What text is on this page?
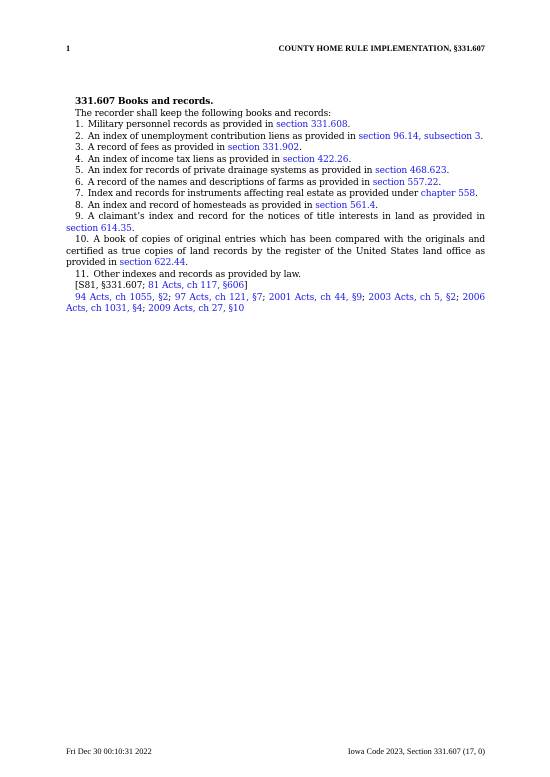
1	COUNTY HOME RULE IMPLEMENTATION, §331.607

331.607 Books and records.

The recorder shall keep the following books and records:

1.  Military personnel records as provided in section 331.608.

2.  An index of unemployment contribution liens as provided in section 96.14, subsection 3.

3.  A record of fees as provided in section 331.902.

4.  An index of income tax liens as provided in section 422.26.

5.  An index for records of private drainage systems as provided in section 468.623.

6.  A record of the names and descriptions of farms as provided in section 557.22.

7.  Index and records for instruments affecting real estate as provided under chapter 558.

8.  An index and record of homesteads as provided in section 561.4.

9.  A claimant’s index and record for the notices of title interests in land as provided in section 614.35.

10.  A book of copies of original entries which has been compared with the originals and certified as true copies of land records by the register of the United States land office as provided in section 622.44.

11.  Other indexes and records as provided by law.

[S81, §331.607; 81 Acts, ch 117, §606]

94 Acts, ch 1055, §2; 97 Acts, ch 121, §7; 2001 Acts, ch 44, §9; 2003 Acts, ch 5, §2; 2006 Acts, ch 1031, §4; 2009 Acts, ch 27, §10

Fri Dec 30 00:10:31 2022	Iowa Code 2023, Section 331.607 (17, 0)
